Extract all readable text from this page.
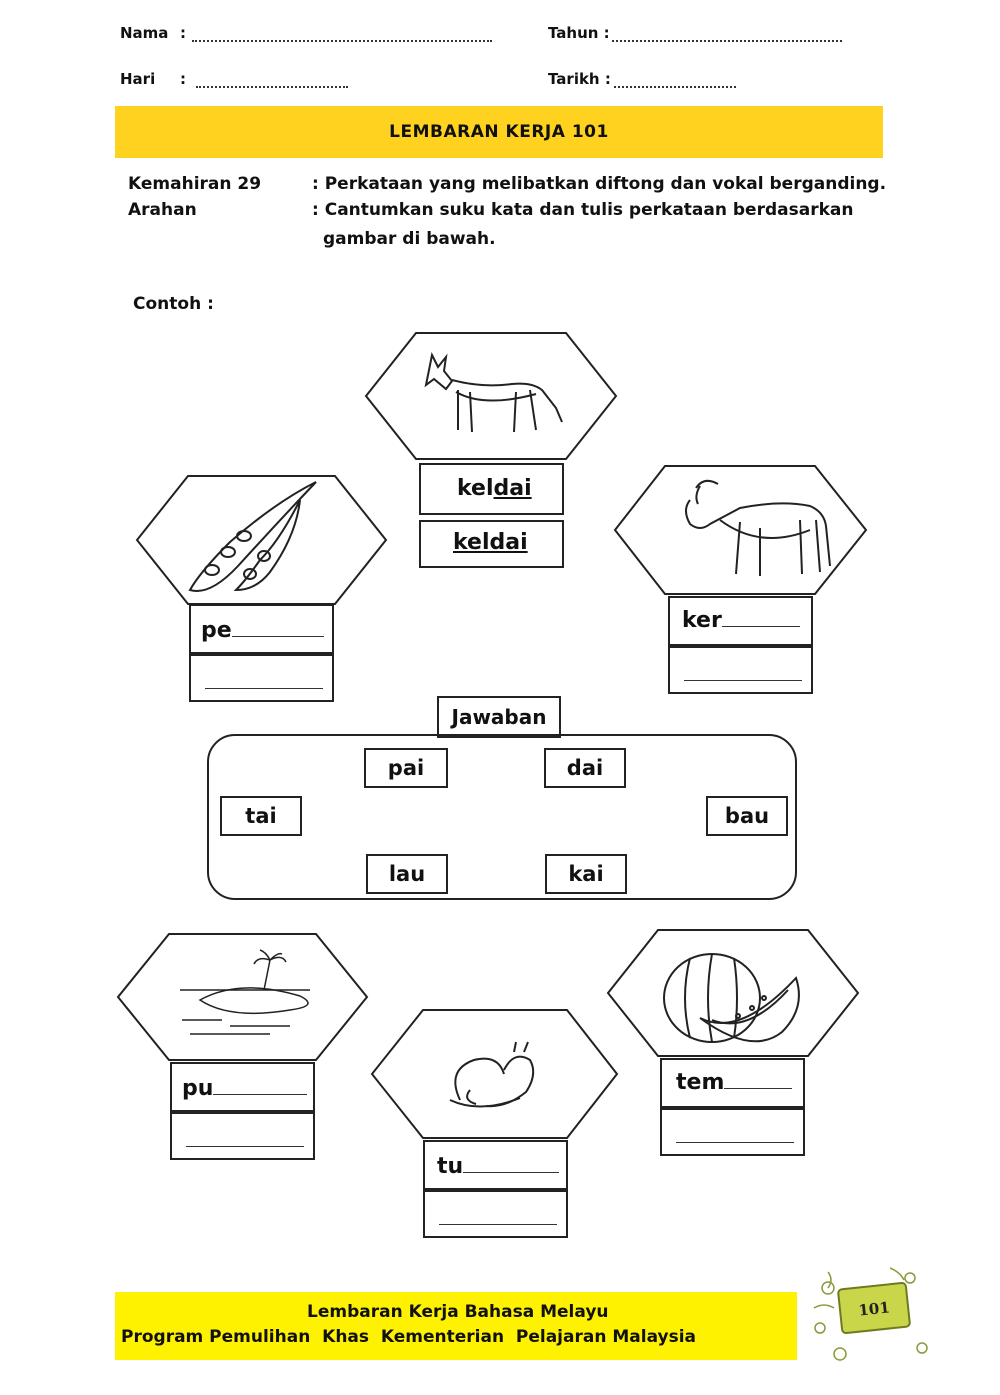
Nama :	Tahun :
Hari :	Tarikh :
LEMBARAN KERJA 101
Kemahiran 29	: Perkataan yang melibatkan diftong dan vokal berganding.
Arahan	: Cantumkan suku kata dan tulis perkataan berdasarkan
gambar di bawah.
Contoh :
keldai
keldai
pe	ker
Jawaban
pai	dai
tai	bau
lau	kai
pu
tu
tem
Lembaran Kerja Bahasa Melayu
Program Pemulihan  Khas  Kementerian  Pelajaran Malaysia
101
